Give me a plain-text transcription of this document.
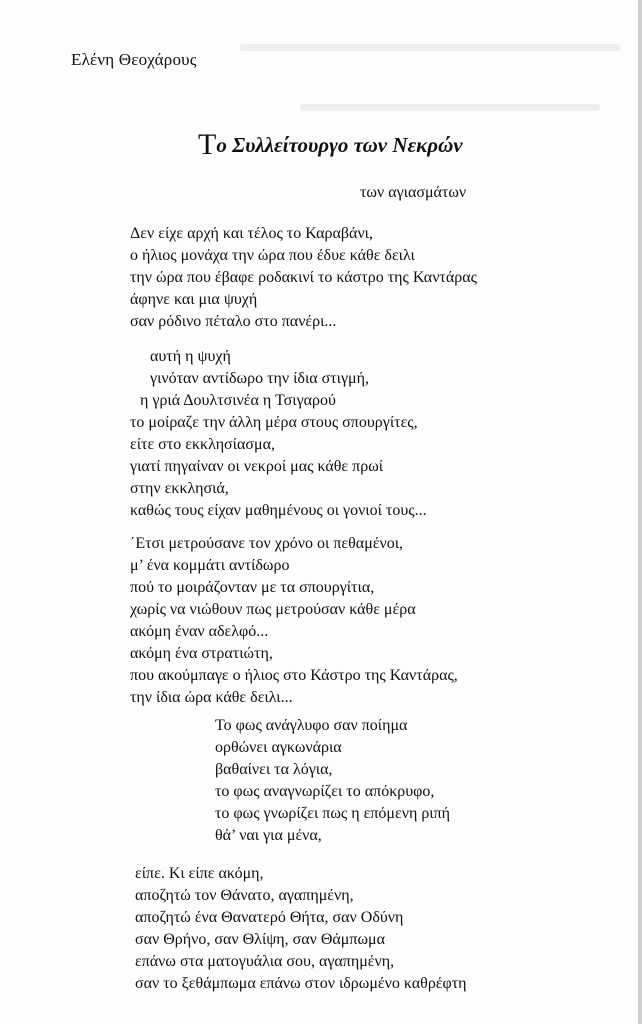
Ελένη Θεοχάρους
Το Συλλείτουργο των Νεκρών
των αγιασμάτων
Δεν είχε αρχή και τέλος το Καραβάνι,
ο ήλιος μονάχα την ώρα που έδυε κάθε δειλι
την ώρα που έβαφε ροδακινί το κάστρο της Καντάρας
άφηνε και μια ψυχή
σαν ρόδινο πέταλο στο πανέρι...
αυτή η ψυχή
γινόταν αντίδωρο την ίδια στιγμή,
η γριά Δουλτσινέα η Τσιγαρού
το μοίραζε την άλλη μέρα στους σπουργίτες,
είτε στο εκκλησίασμα,
γιατί πηγαίναν οι νεκροί μας κάθε πρωί
στην εκκλησιά,
καθώς τους είχαν μαθημένους οι γονιοί τους...
΄Ετσι μετρούσανε τον χρόνο οι πεθαμένοι,
μ’ ένα κομμάτι αντίδωρο
πού το μοιράζονταν με τα σπουργίτια,
χωρίς να νιώθουν πως μετρούσαν κάθε μέρα
ακόμη έναν αδελφό...
ακόμη ένα στρατιώτη,
που ακούμπαγε ο ήλιος στο Κάστρο της Καντάρας,
την ίδια ώρα κάθε δειλι...
Το φως ανάγλυφο σαν ποίημα
ορθώνει αγκωνάρια
βαθαίνει τα λόγια,
το φως αναγνωρίζει το απόκρυφο,
το φως γνωρίζει πως η επόμενη ριπή
θά’ ναι για μένα,
είπε. Κι είπε ακόμη,
αποζητώ τον Θάνατο, αγαπημένη,
αποζητώ ένα Θανατερό Θήτα, σαν Οδύνη
σαν Θρήνο, σαν Θλίψη, σαν Θάμπωμα
επάνω στα ματογυάλια σου, αγαπημένη,
σαν το ξεθάμπωμα επάνω στον ιδρωμένο καθρέφτη
